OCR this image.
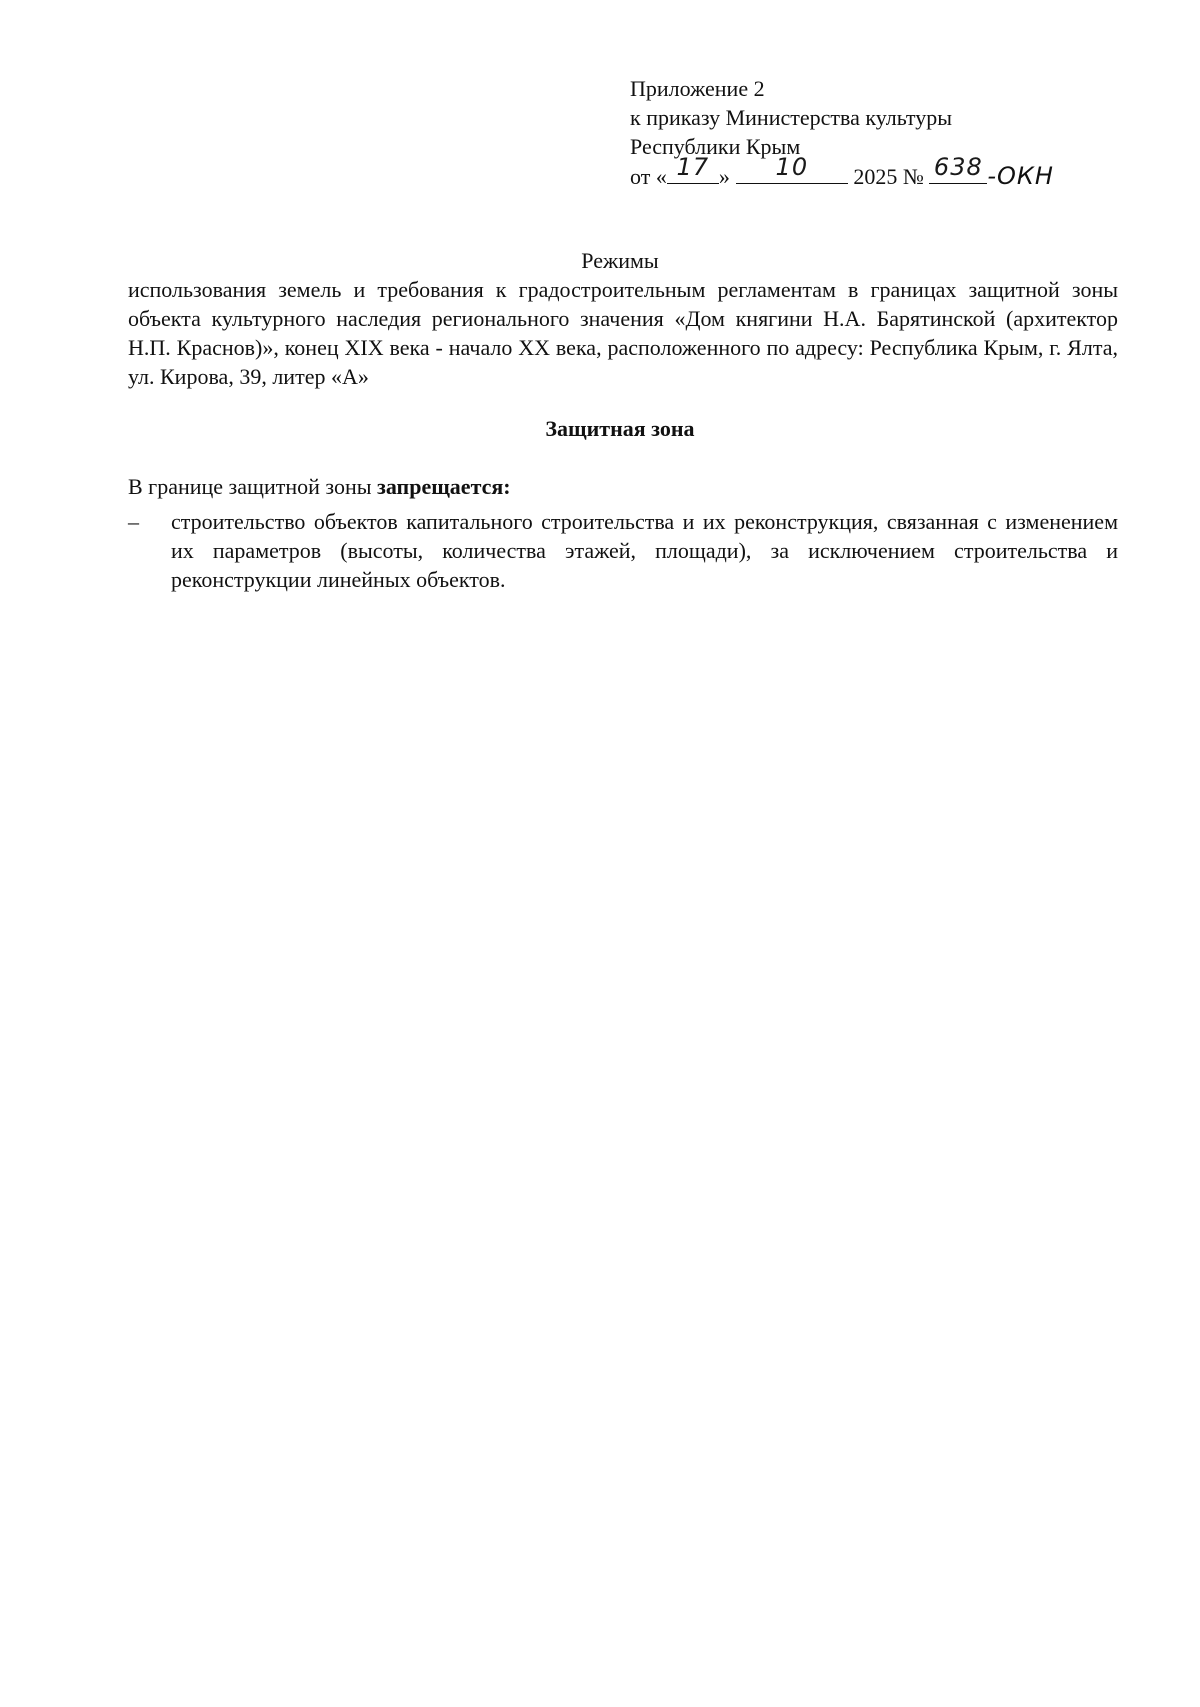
Приложение 2
к приказу Министерства культуры
Республики Крым
от « 17 »	10	2025 № 638 -ОКН
Режимы
использования земель и требования к градостроительным регламентам в границах защитной зоны объекта культурного наследия регионального значения «Дом княгини Н.А. Барятинской (архитектор Н.П. Краснов)», конец XIX века - начало XX века, расположенного по адресу: Республика Крым, г. Ялта, ул. Кирова, 39, литер «А»
Защитная зона
В границе защитной зоны запрещается:
– строительство объектов капитального строительства и их реконструкция, связанная с изменением их параметров (высоты, количества этажей, площади), за исключением строительства и реконструкции линейных объектов.
